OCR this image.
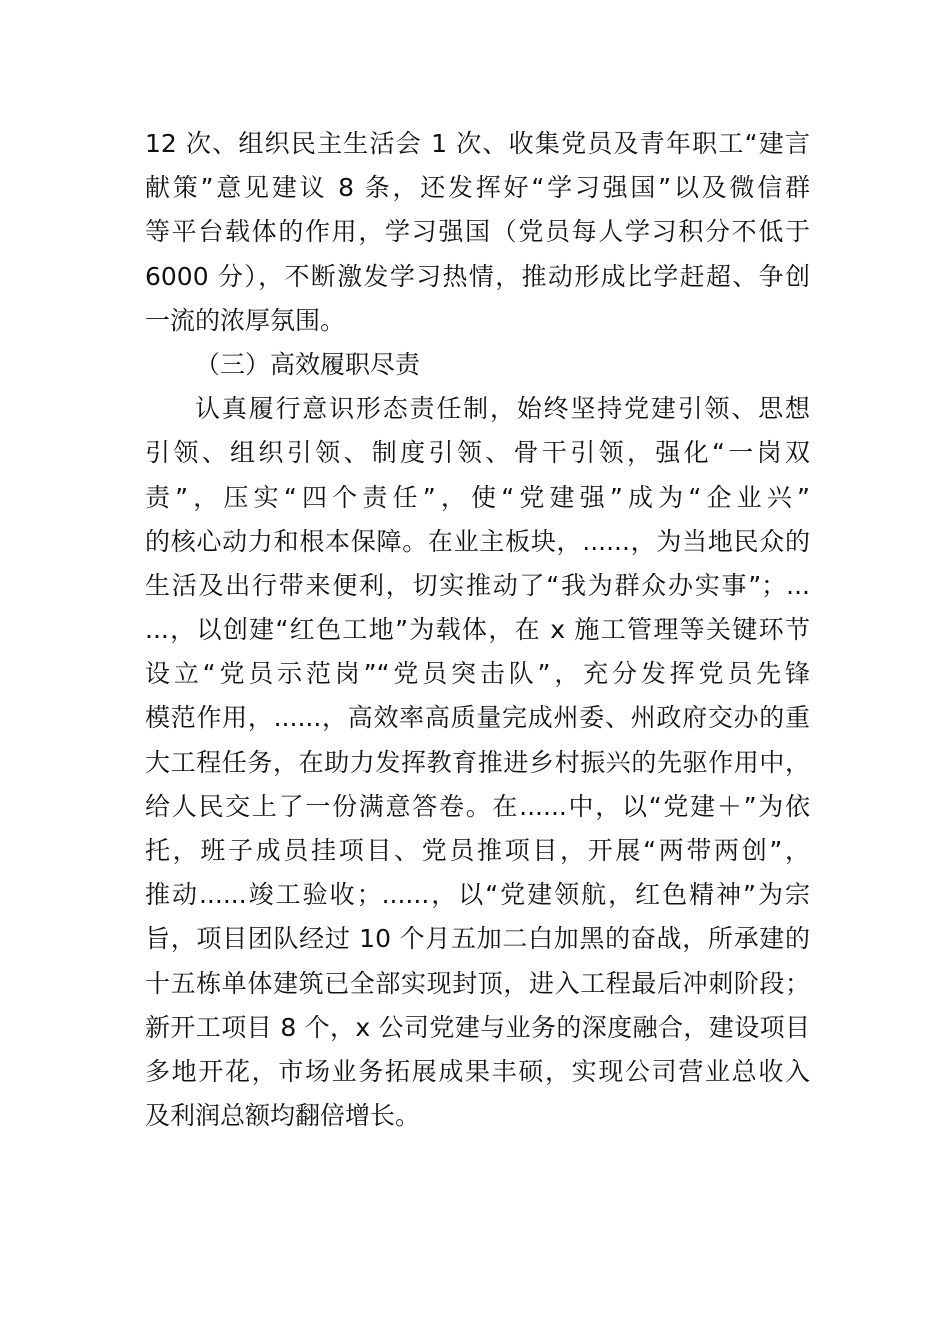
12 次、组织民主生活会 1 次、收集党员及青年职工“建言
献策”意见建议 8 条，还发挥好“学习强国”以及微信群
等平台载体的作用，学习强国（党员每人学习积分不低于
6000 分），不断激发学习热情，推动形成比学赶超、争创
一流的浓厚氛围。
（三）高效履职尽责
认真履行意识形态责任制，始终坚持党建引领、思想
引领、组织引领、制度引领、骨干引领，强化“一岗双
责”，压实“四个责任”，使“党建强”成为“企业兴”
的核心动力和根本保障。在业主板块，......，为当地民众的
生活及出行带来便利，切实推动了“我为群众办实事”；...
...，以创建“红色工地”为载体，在 x 施工管理等关键环节
设立“党员示范岗”“党员突击队”，充分发挥党员先锋
模范作用，......，高效率高质量完成州委、州政府交办的重
大工程任务，在助力发挥教育推进乡村振兴的先驱作用中，
给人民交上了一份满意答卷。在......中，以“党建＋”为依
托，班子成员挂项目、党员推项目，开展“两带两创”，
推动......竣工验收；......，以“党建领航，红色精神”为宗
旨，项目团队经过 10 个月五加二白加黑的奋战，所承建的
十五栋单体建筑已全部实现封顶，进入工程最后冲刺阶段；
新开工项目 8 个，x 公司党建与业务的深度融合，建设项目
多地开花，市场业务拓展成果丰硕，实现公司营业总收入
及利润总额均翻倍增长。
